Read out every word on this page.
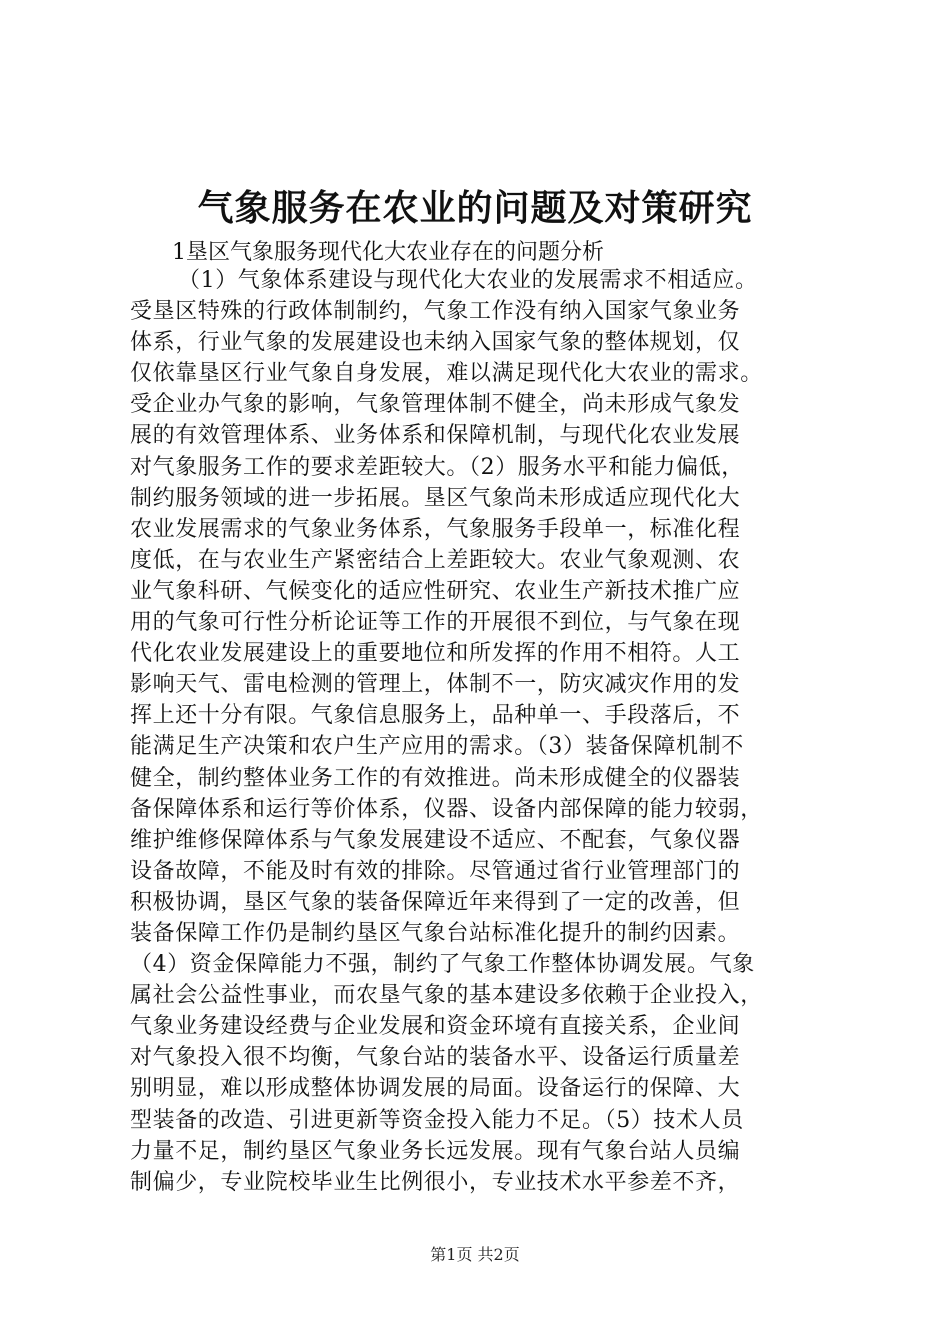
气象服务在农业的问题及对策研究
1垦区气象服务现代化大农业存在的问题分析
（1）气象体系建设与现代化大农业的发展需求不相适应。
受垦区特殊的行政体制制约，气象工作没有纳入国家气象业务
体系，行业气象的发展建设也未纳入国家气象的整体规划，仅
仅依靠垦区行业气象自身发展，难以满足现代化大农业的需求。
受企业办气象的影响，气象管理体制不健全，尚未形成气象发
展的有效管理体系、业务体系和保障机制，与现代化农业发展
对气象服务工作的要求差距较大。（2）服务水平和能力偏低，
制约服务领域的进一步拓展。垦区气象尚未形成适应现代化大
农业发展需求的气象业务体系，气象服务手段单一，标准化程
度低，在与农业生产紧密结合上差距较大。农业气象观测、农
业气象科研、气候变化的适应性研究、农业生产新技术推广应
用的气象可行性分析论证等工作的开展很不到位，与气象在现
代化农业发展建设上的重要地位和所发挥的作用不相符。人工
影响天气、雷电检测的管理上，体制不一，防灾减灾作用的发
挥上还十分有限。气象信息服务上，品种单一、手段落后，不
能满足生产决策和农户生产应用的需求。（3）装备保障机制不
健全，制约整体业务工作的有效推进。尚未形成健全的仪器装
备保障体系和运行等价体系，仪器、设备内部保障的能力较弱，
维护维修保障体系与气象发展建设不适应、不配套，气象仪器
设备故障，不能及时有效的排除。尽管通过省行业管理部门的
积极协调，垦区气象的装备保障近年来得到了一定的改善，但
装备保障工作仍是制约垦区气象台站标准化提升的制约因素。
（4）资金保障能力不强，制约了气象工作整体协调发展。气象
属社会公益性事业，而农垦气象的基本建设多依赖于企业投入，
气象业务建设经费与企业发展和资金环境有直接关系，企业间
对气象投入很不均衡，气象台站的装备水平、设备运行质量差
别明显，难以形成整体协调发展的局面。设备运行的保障、大
型装备的改造、引进更新等资金投入能力不足。（5）技术人员
力量不足，制约垦区气象业务长远发展。现有气象台站人员编
制偏少，专业院校毕业生比例很小，专业技术水平参差不齐，
第1页 共2页
